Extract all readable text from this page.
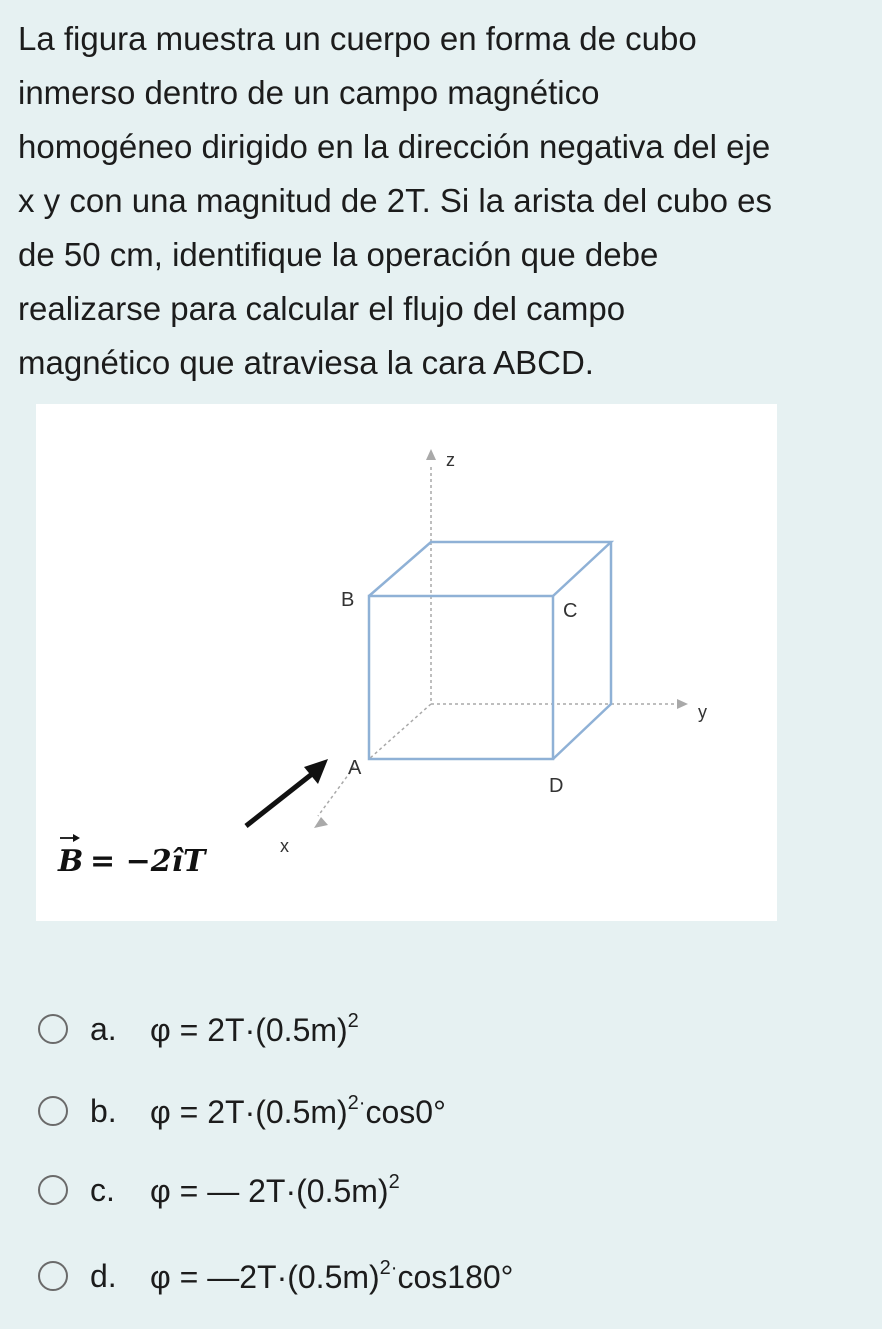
La figura muestra un cuerpo en forma de cubo
inmerso dentro de un campo magnético
homogéneo dirigido en la dirección negativa del eje
x y con una magnitud de 2T. Si la arista del cubo es
de 50 cm, identifique la operación que debe
realizarse para calcular el flujo del campo
magnético que atraviesa la cara ABCD.
z
y
x
B	C
A
D
B = −2îT
a.	$\varphi = 2T\cdot(0.5m)^2$
b.	$\varphi = 2T\cdot(0.5m)^{2\cdot}\cos 0^\circ$
c.	φ = — $2T\cdot(0.5m)^2$
d.	$\varphi = —2T\cdot(0.5m)^{2\cdot}\cos 180^\circ$
